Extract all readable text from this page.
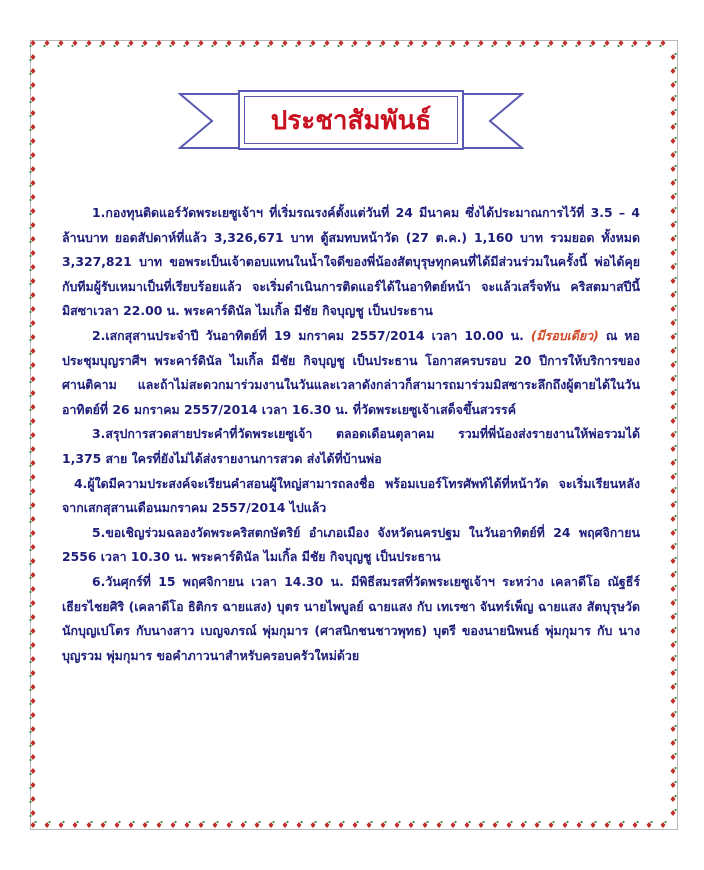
ประชาสัมพันธ์

1.กองทุนติดแอร์วัดพระเยซูเจ้าฯ ที่เริ่มรณรงค์ตั้งแต่วันที่ 24 มีนาคม ซึ่งได้ประมาณการไว้ที่ 3.5 – 4 ล้านบาท ยอดสัปดาห์ที่แล้ว 3,326,671 บาท ตู้สมทบหน้าวัด (27 ต.ค.) 1,160 บาท รวมยอด ทั้งหมด 3,327,821 บาท ขอพระเป็นเจ้าตอบแทนในน้ำใจดีของพี่น้องสัตบุรุษทุกคนที่ได้มีส่วนร่วมในครั้งนี้ พ่อได้คุยกับทีมผู้รับเหมาเป็นที่เรียบร้อยแล้ว จะเริ่มดำเนินการติดแอร์ได้ในอาทิตย์หน้า จะแล้วเสร็จทัน คริสตมาสปีนี้ มิสซาเวลา 22.00 น. พระคาร์ดินัล ไมเกิ้ล มีชัย กิจบุญชู เป็นประธาน

2.เสกสุสานประจำปี วันอาทิตย์ที่ 19 มกราคม 2557/2014 เวลา 10.00 น. (มีรอบเดียว) ณ หอประชุมบุญราศีฯ พระคาร์ดินัล ไมเกิ้ล มีชัย กิจบุญชู เป็นประธาน โอกาสครบรอบ 20 ปีการให้บริการของศานติคาม และถ้าไม่สะดวกมาร่วมงานในวันและเวลาดังกล่าวก็สามารถมาร่วมมิสซาระลึกถึงผู้ตายได้ในวันอาทิตย์ที่ 26 มกราคม 2557/2014 เวลา 16.30 น. ที่วัดพระเยซูเจ้าเสด็จขึ้นสวรรค์

3.สรุปการสวดสายประคำที่วัดพระเยซูเจ้า ตลอดเดือนตุลาคม รวมที่พี่น้องส่งรายงานให้พ่อรวมได้ 1,375 สาย ใครที่ยังไม่ได้ส่งรายงานการสวด ส่งได้ที่บ้านพ่อ

4.ผู้ใดมีความประสงค์จะเรียนคำสอนผู้ใหญ่สามารถลงชื่อ พร้อมเบอร์โทรศัพท์ได้ที่หน้าวัด จะเริ่มเรียนหลังจากเสกสุสานเดือนมกราคม 2557/2014 ไปแล้ว

5.ขอเชิญร่วมฉลองวัดพระคริสตกษัตริย์ อำเภอเมือง จังหวัดนครปฐม ในวันอาทิตย์ที่ 24 พฤศจิกายน 2556 เวลา 10.30 น. พระคาร์ดินัล ไมเกิ้ล มีชัย กิจบุญชู เป็นประธาน

6.วันศุกร์ที่ 15 พฤศจิกายน เวลา 14.30 น. มีพิธีสมรสที่วัดพระเยซูเจ้าฯ ระหว่าง เคลาดีโอ ณัฐธีร์ เธียรไชยศิริ (เคลาดีโอ ธิติกร ฉายแสง) บุตร นายไพบูลย์ ฉายแสง กับ เทเรซา จันทร์เพ็ญ ฉายแสง สัตบุรุษวัดนักบุญเปโตร กับนางสาว เบญจภรณ์ พุ่มกุมาร (ศาสนิกชนชาวพุทธ) บุตรี ของนายนิพนธ์ พุ่มกุมาร กับ นางบุญรวม พุ่มกุมาร ขอคำภาวนาสำหรับครอบครัวใหม่ด้วย
